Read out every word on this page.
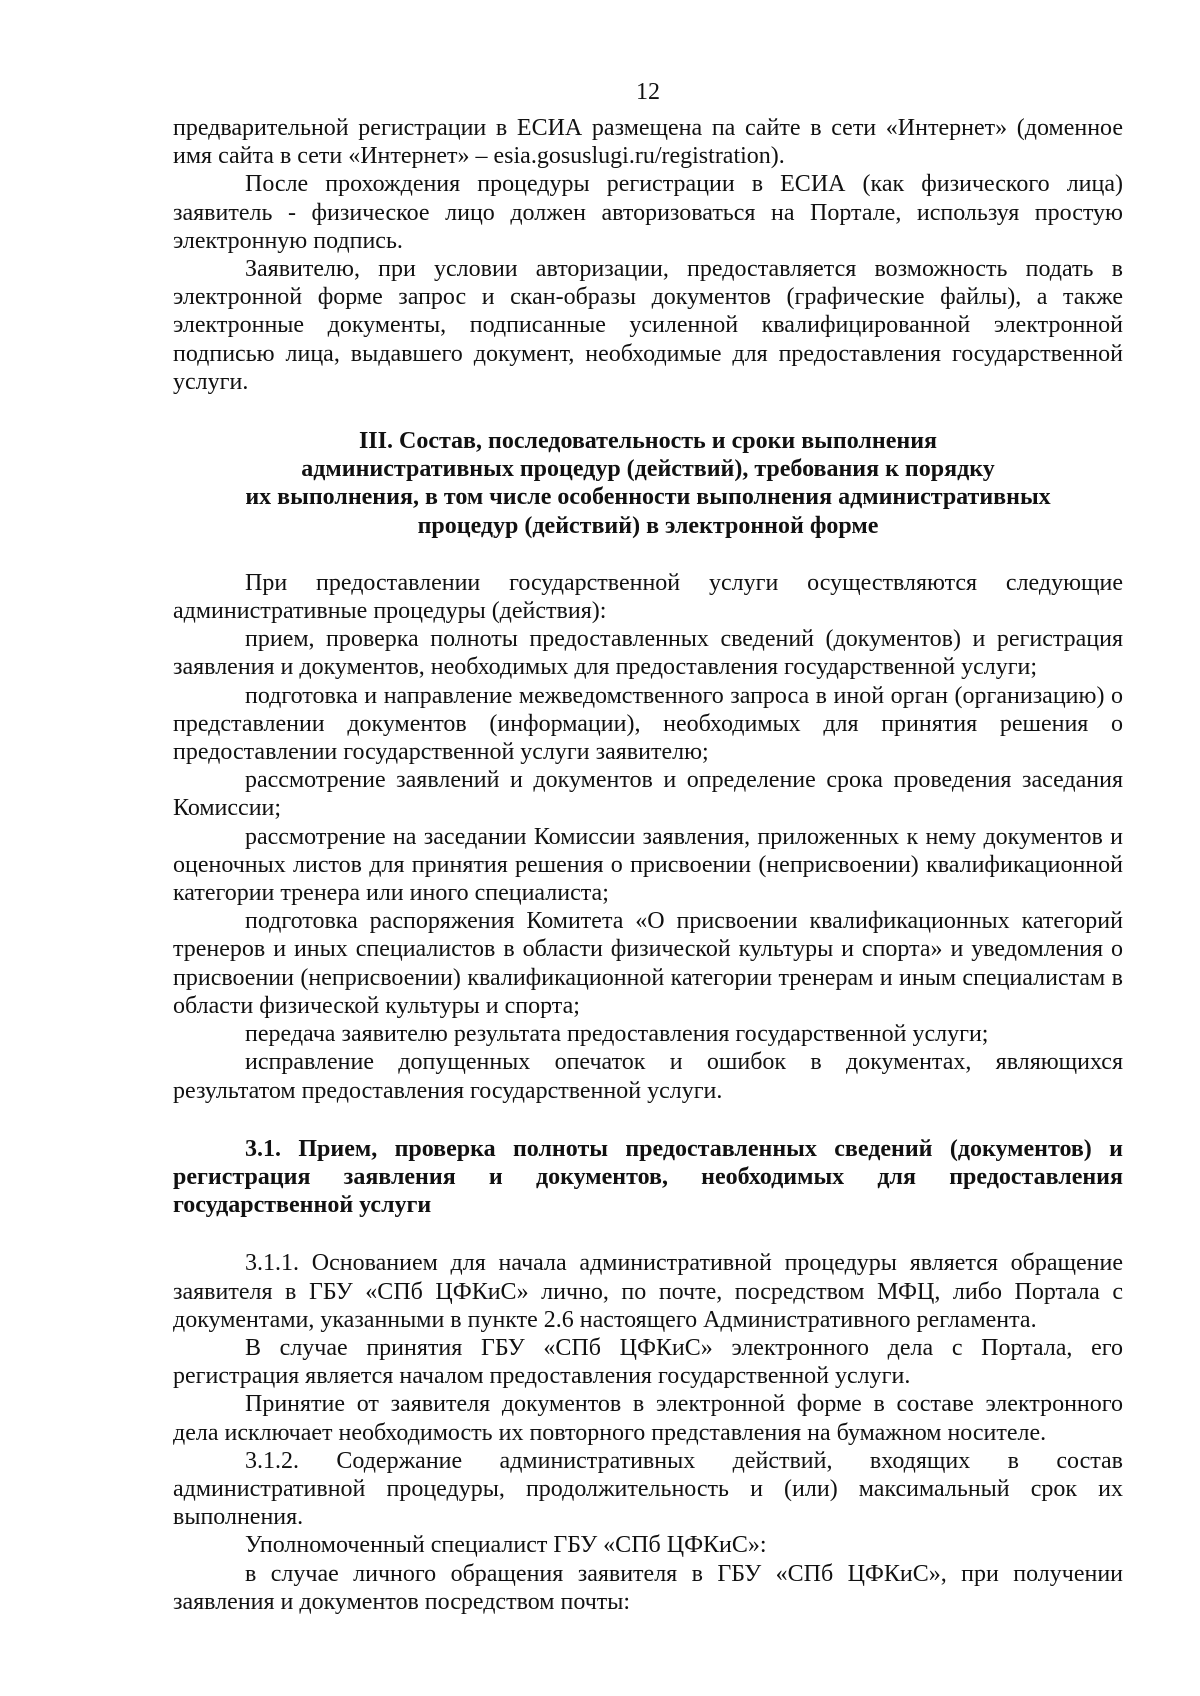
12

предварительной регистрации в ЕСИА размещена па сайте в сети «Интернет» (доменное имя сайта в сети «Интернет» – esia.gosuslugi.ru/registration).

После прохождения процедуры регистрации в ЕСИА (как физического лица) заявитель - физическое лицо должен авторизоваться на Портале, используя простую электронную подпись.

Заявителю, при условии авторизации, предоставляется возможность подать в электронной форме запрос и скан-образы документов (графические файлы), а также электронные документы, подписанные усиленной квалифицированной электронной подписью лица, выдавшего документ, необходимые для предоставления государственной услуги.

III. Состав, последовательность и сроки выполнения
административных процедур (действий), требования к порядку
их выполнения, в том числе особенности выполнения административных
процедур (действий) в электронной форме

При предоставлении государственной услуги осуществляются следующие административные процедуры (действия):

прием, проверка полноты предоставленных сведений (документов) и регистрация заявления и документов, необходимых для предоставления государственной услуги;

подготовка и направление межведомственного запроса в иной орган (организацию) о представлении документов (информации), необходимых для принятия решения о предоставлении государственной услуги заявителю;

рассмотрение заявлений и документов и определение срока проведения заседания Комиссии;

рассмотрение на заседании Комиссии заявления, приложенных к нему документов и оценочных листов для принятия решения о присвоении (неприсвоении) квалификационной категории тренера или иного специалиста;

подготовка распоряжения Комитета «О присвоении квалификационных категорий тренеров и иных специалистов в области физической культуры и спорта» и уведомления о присвоении (неприсвоении) квалификационной категории тренерам и иным специалистам в области физической культуры и спорта;

передача заявителю результата предоставления государственной услуги;

исправление допущенных опечаток и ошибок в документах, являющихся результатом предоставления государственной услуги.

3.1. Прием, проверка полноты предоставленных сведений (документов) и регистрация заявления и документов, необходимых для предоставления государственной услуги

3.1.1. Основанием для начала административной процедуры является обращение заявителя в ГБУ «СПб ЦФКиС» лично, по почте, посредством МФЦ, либо Портала с документами, указанными в пункте 2.6 настоящего Административного регламента.

В случае принятия ГБУ «СПб ЦФКиС» электронного дела с Портала, его регистрация является началом предоставления государственной услуги.

Принятие от заявителя документов в электронной форме в составе электронного дела исключает необходимость их повторного представления на бумажном носителе.

3.1.2. Содержание административных действий, входящих в состав административной процедуры, продолжительность и (или) максимальный срок их выполнения.

Уполномоченный специалист ГБУ «СПб ЦФКиС»:

в случае личного обращения заявителя в ГБУ «СПб ЦФКиС», при получении заявления и документов посредством почты:
